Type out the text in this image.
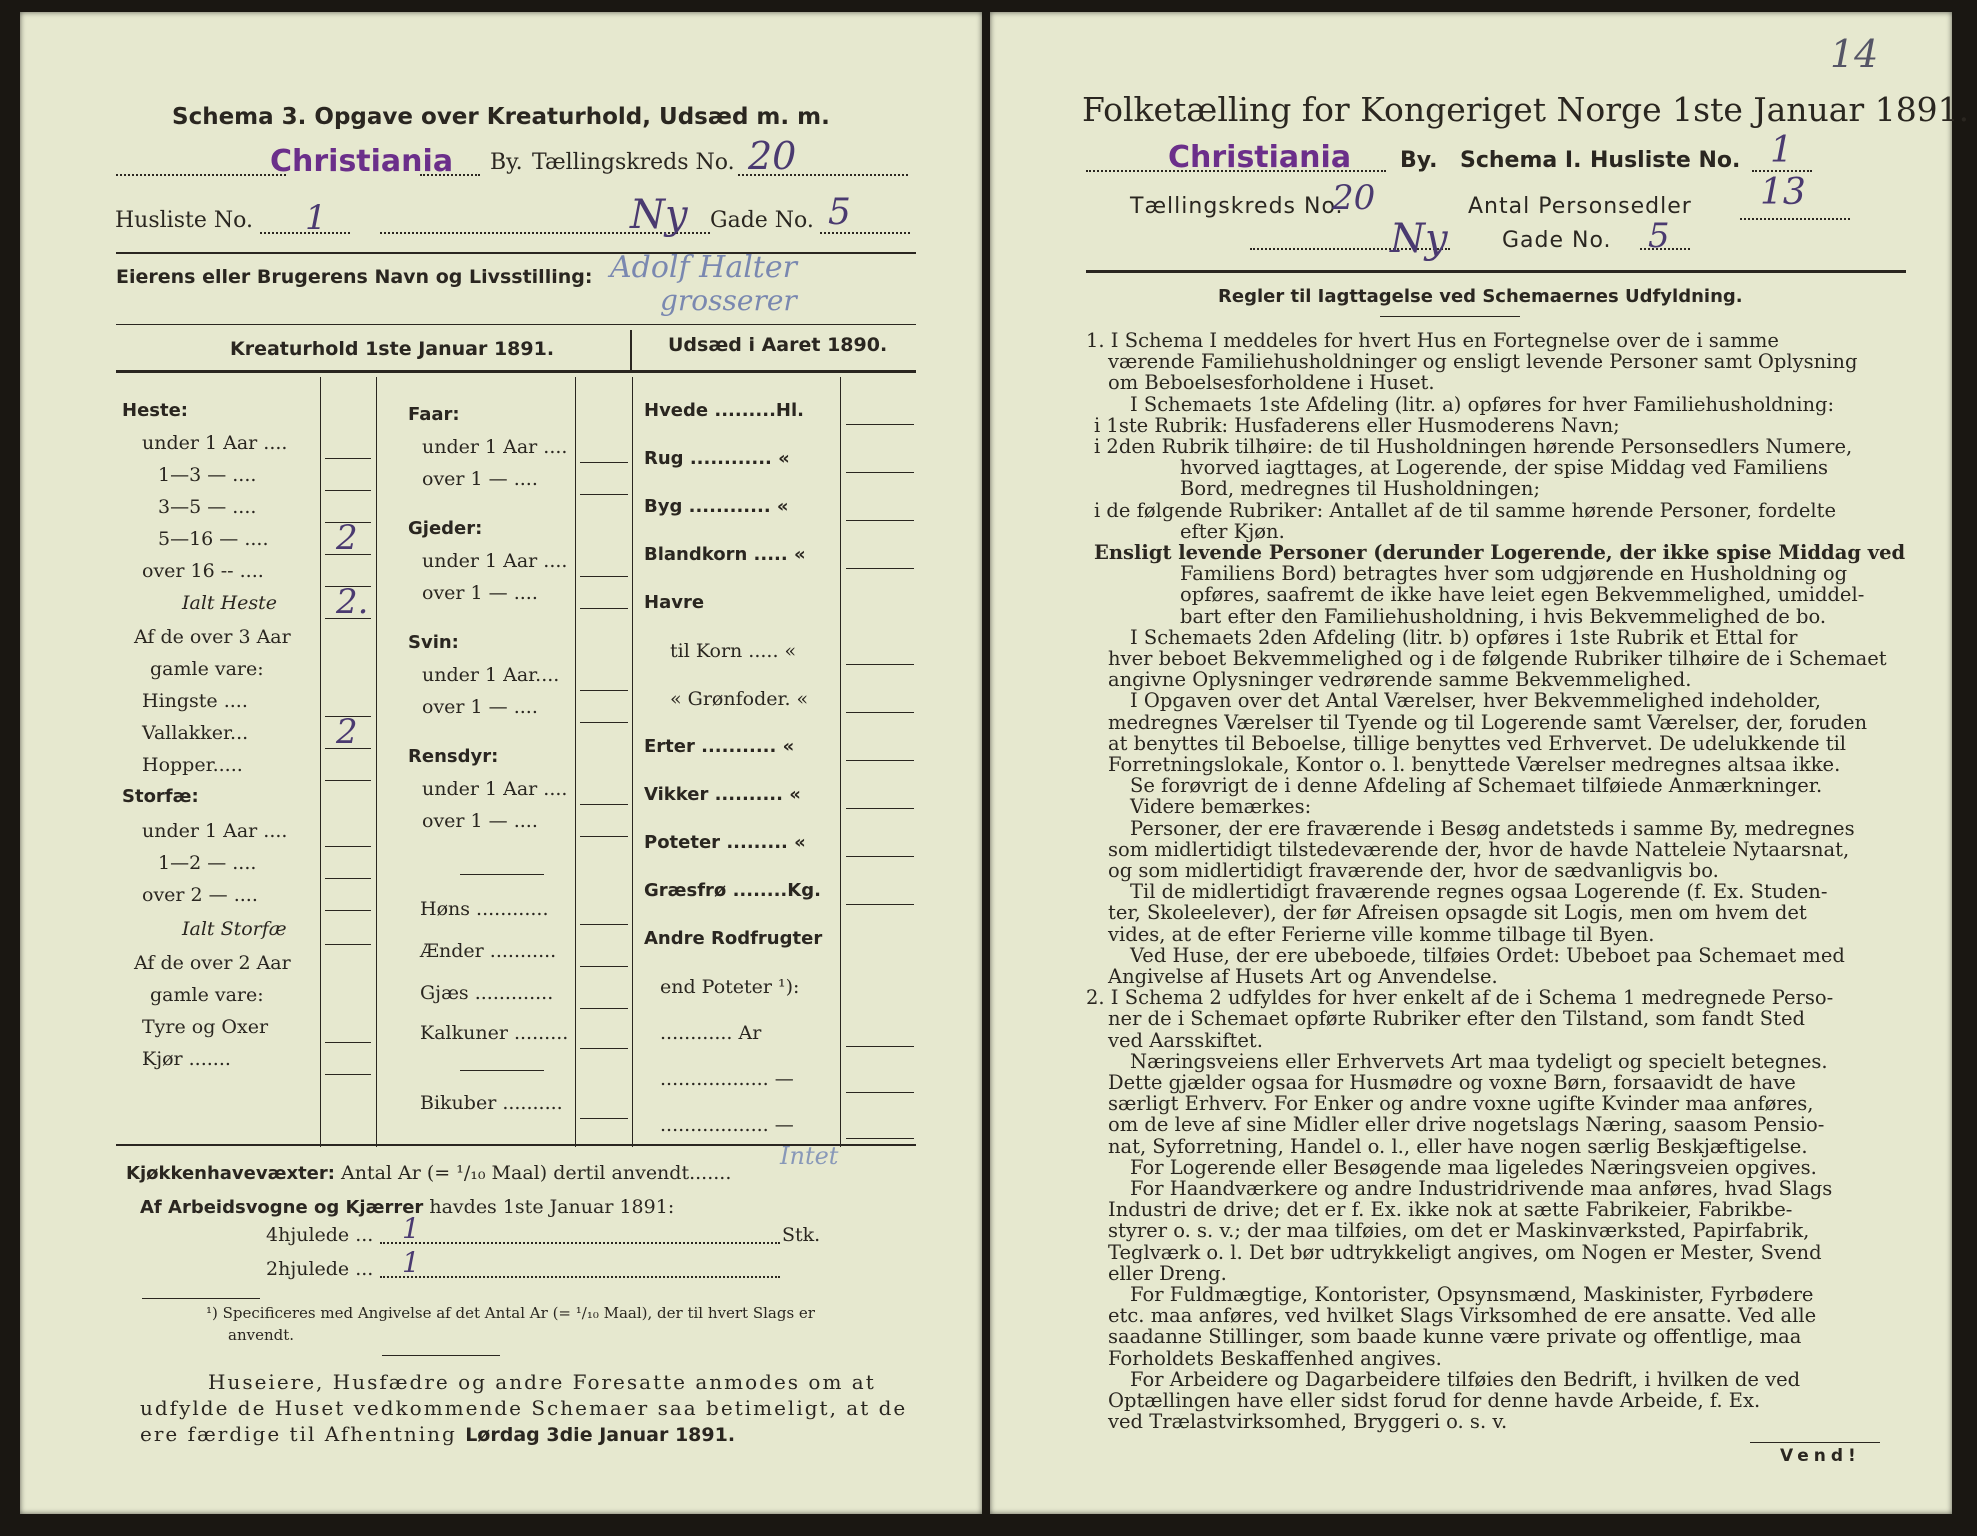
Schema 3. Opgave over Kreaturhold, Udsæd m. m.
Christiania By. Tællingskreds No. 20
Husliste No. 1	Ny Gade No. 5
Eierens eller Brugerens Navn og Livsstilling: Adolf Halter
grosserer
Kreaturhold 1ste Januar 1891.	Udsæd i Aaret 1890.
Heste:
under 1 Aar ....
1—3 — ....
3—5 — ....
5—16 — .... 2
over 16 -- ....
Ialt Heste 2.
Af de over 3 Aar
gamle vare:
Hingste ....
Vallakker...	2
Hopper.....
Storfæ:
under 1 Aar ....
1—2 — ....
over 2 — ....
Ialt Storfæ
Af de over 2 Aar
gamle vare:
Tyre og Oxer
Kjør .......
Faar:
under 1 Aar ....
over 1 — ....
Gjeder:
under 1 Aar ....
over 1 — ....
Svin:
under 1 Aar....
over 1 — ....
Rensdyr:
under 1 Aar ....
over 1 — ....
Høns ............
Ænder ...........
Gjæs .............
Kalkuner .........
Bikuber ..........
Hvede .........Hl.
Rug ............ «
Byg ............ «
Blandkorn ..... «
Havre
til Korn ..... «
« Grønfoder. «
Erter ........... «
Vikker .......... «
Poteter ......... «
Græsfrø ........Kg.
Andre Rodfrugter
end Poteter ¹):
............ Ar
.................. —
.................. —
Kjøkkenhavevæxter: Antal Ar (= ¹/₁₀ Maal) dertil anvendt.......
Intet
Af Arbeidsvogne og Kjærrer havdes 1ste Januar 1891:
4hjulede ... 1	Stk.
2hjulede ... 1
¹) Specificeres med Angivelse af det Antal Ar (= ¹/₁₀ Maal), der til hvert Slags er
anvendt.
Huseiere, Husfædre og andre Foresatte anmodes om at
udfylde de Huset vedkommende Schemaer saa betimeligt, at de
ere færdige til Afhentning Lørdag 3die Januar 1891.
14
Folketælling for Kongeriget Norge 1ste Januar 1891.
Christiania By. Schema I. Husliste No. 1
Tællingskreds No.
20	Antal Personsedler 13
Ny Gade No. 5
Regler til Iagttagelse ved Schemaernes Udfyldning.
1. I Schema I meddeles for hvert Hus en Fortegnelse over de i samme
værende Familiehusholdninger og ensligt levende Personer samt Oplysning
om Beboelsesforholdene i Huset.
I Schemaets 1ste Afdeling (litr. a) opføres for hver Familiehusholdning:
i 1ste Rubrik: Husfaderens eller Husmoderens Navn;
i 2den Rubrik tilhøire: de til Husholdningen hørende Personsedlers Numere,
hvorved iagttages, at Logerende, der spise Middag ved Familiens
Bord, medregnes til Husholdningen;
i de følgende Rubriker: Antallet af de til samme hørende Personer, fordelte
efter Kjøn.
Ensligt levende Personer (derunder Logerende, der ikke spise Middag ved
Familiens Bord) betragtes hver som udgjørende en Husholdning og
opføres, saafremt de ikke have leiet egen Bekvemmelighed, umiddel-
bart efter den Familiehusholdning, i hvis Bekvemmelighed de bo.
I Schemaets 2den Afdeling (litr. b) opføres i 1ste Rubrik et Ettal for
hver beboet Bekvemmelighed og i de følgende Rubriker tilhøire de i Schemaet
angivne Oplysninger vedrørende samme Bekvemmelighed.
I Opgaven over det Antal Værelser, hver Bekvemmelighed indeholder,
medregnes Værelser til Tyende og til Logerende samt Værelser, der, foruden
at benyttes til Beboelse, tillige benyttes ved Erhvervet. De udelukkende til
Forretningslokale, Kontor o. l. benyttede Værelser medregnes altsaa ikke.
Se forøvrigt de i denne Afdeling af Schemaet tilføiede Anmærkninger.
Videre bemærkes:
Personer, der ere fraværende i Besøg andetsteds i samme By, medregnes
som midlertidigt tilstedeværende der, hvor de havde Natteleie Nytaarsnat,
og som midlertidigt fraværende der, hvor de sædvanligvis bo.
Til de midlertidigt fraværende regnes ogsaa Logerende (f. Ex. Studen-
ter, Skoleelever), der før Afreisen opsagde sit Logis, men om hvem det
vides, at de efter Ferierne ville komme tilbage til Byen.
Ved Huse, der ere ubeboede, tilføies Ordet: Ubeboet paa Schemaet med
Angivelse af Husets Art og Anvendelse.
2. I Schema 2 udfyldes for hver enkelt af de i Schema 1 medregnede Perso-
ner de i Schemaet opførte Rubriker efter den Tilstand, som fandt Sted
ved Aarsskiftet.
Næringsveiens eller Erhvervets Art maa tydeligt og specielt betegnes.
Dette gjælder ogsaa for Husmødre og voxne Børn, forsaavidt de have
særligt Erhverv. For Enker og andre voxne ugifte Kvinder maa anføres,
om de leve af sine Midler eller drive nogetslags Næring, saasom Pensio-
nat, Syforretning, Handel o. l., eller have nogen særlig Beskjæftigelse.
For Logerende eller Besøgende maa ligeledes Næringsveien opgives.
For Haandværkere og andre Industridrivende maa anføres, hvad Slags
Industri de drive; det er f. Ex. ikke nok at sætte Fabrikeier, Fabrikbe-
styrer o. s. v.; der maa tilføies, om det er Maskinværksted, Papirfabrik,
Teglværk o. l. Det bør udtrykkeligt angives, om Nogen er Mester, Svend
eller Dreng.
For Fuldmægtige, Kontorister, Opsynsmænd, Maskinister, Fyrbødere
etc. maa anføres, ved hvilket Slags Virksomhed de ere ansatte. Ved alle
saadanne Stillinger, som baade kunne være private og offentlige, maa
Forholdets Beskaffenhed angives.
For Arbeidere og Dagarbeidere tilføies den Bedrift, i hvilken de ved
Optællingen have eller sidst forud for denne havde Arbeide, f. Ex.
ved Trælastvirksomhed, Bryggeri o. s. v.
Vend!
